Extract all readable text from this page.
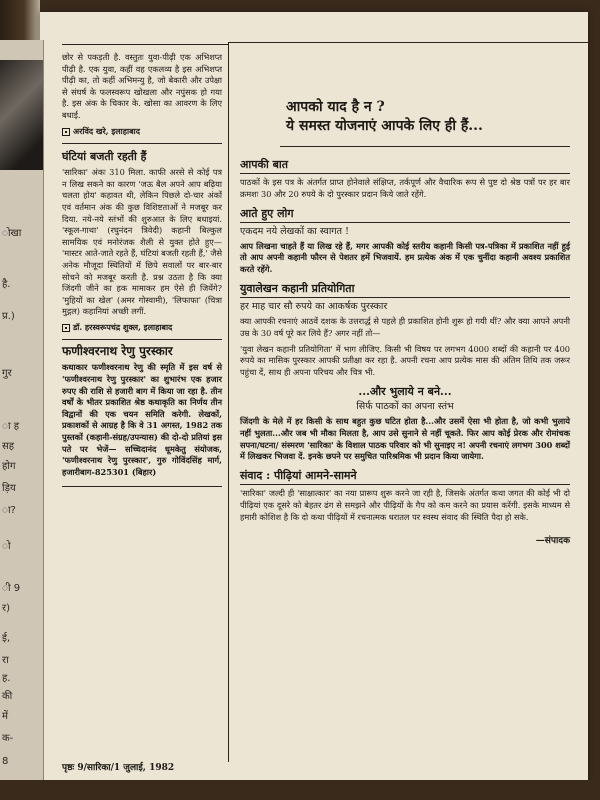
छोर से पकड़ती है. वस्तुतः युवा-पीढ़ी एक अभिशप्त पीढ़ी है. एक युवा, कहीं वह एकलव्य है इस अभिशप्त पीढ़ी का, तो कहीं अभिमन्यु है, जो बेकारी और उपेक्षा से संघर्ष के फलस्वरूप खोखला और नपुंसक हो गया है. इस अंक के चिकार के. खोसा का आवरण के लिए बधाई.

अरविंद खरे, इलाहाबाद
घंटियां बजती रहती हैं

'सारिका' अंकः 310 मिला. काफी अरसे से कोई पत्र न लिख सकने का कारण 'जऊ बैल अपने आप बढ़िया चलता होय' कहावत थी, लेकिन पिछले दो-चार अंकों एवं वर्तमान अंक की कुछ विशिष्टताओं ने मजबूर कर दिया. नये-नये स्तंभों की शुरुआत के लिए बधाइयां. 'स्कूल-गाथा' (रघुनंदन त्रिवेदी) कहानी बिल्कुल सामयिक एवं मनोरंजक शैली से युक्त होते हुए— 'मास्टर आते-जाते रहते हैं, घंटियां बजती रहती हैं,' जैसे अनेक मौजूदा स्थितियों में छिपे सवालों पर बार-बार सोचने को मजबूर करती है. प्रश्न उठता है कि क्या जिंदगी जीने का हक मामाकर हम ऐसे ही जियेंगे? 'मुहियों का खेल' (अमर गोस्वामी), 'लिफाफा' (चित्रा मुद्गल) कहानियां अच्छी लगीं.

डॉ. हरस्वरूपचंद्र शुक्ल, इलाहाबाद
फणीश्वरनाथ रेणु पुरस्कार

कथाकार फणीश्वरनाथ रेणु की स्मृति में इस वर्ष से 'फणीश्वरनाथ रेणु पुरस्कार' का शुभारंभ एक हजार रुपए की राशि से हजारी बाग में किया जा रहा है. तीन वर्षों के भीतर प्रकाशित श्रेष्ठ कथाकृति का निर्णय तीन विद्वानों की एक चयन समिति करेगी. लेखकों, प्रकाशकों से आग्रह है कि वे 31 अगस्त, 1982 तक पुस्तकों (कहानी-संग्रह/उपन्यास) की दो-दो प्रतियां इस पते पर भेजें— सच्चिदानंद धूमकेतु संयोजक, 'फणीश्वरनाथ रेणु पुरस्कार', गुरु गोविंदसिंह मार्ग, हजारीबाग-825301 (बिहार)

पृष्ठः 9/सारिका/1 जुलाई, 1982
आपको याद है न ?
ये समस्त योजनाएं आपके लिए ही हैं...
आपकी बात

पाठकों के इस पत्र के अंतर्गत प्राप्त होनेवाले संक्षिप्त, तर्कपूर्ण और वैचारिक रूप से पुष्ट दो श्रेष्ठ पत्रों पर हर बार क्रमशः 30 और 20 रुपये के दो पुरस्कार प्रदान किये जाते रहेंगे.

आते हुए लोग
एकदम नये लेखकों का स्वागत !

आप लिखना चाहते हैं या लिख रहे हैं, मगर आपकी कोई स्तरीय कहानी किसी पत्र-पत्रिका में प्रकाशित नहीं हुई तो आप अपनी कहानी फौरन से पेशतर हमें भिजवायें. हम प्रत्येक अंक में एक चुनींदा कहानी अवश्य प्रकाशित करते रहेंगे.

युवालेखन कहानी प्रतियोगिता
हर माह चार सौ रुपये का आकर्षक पुरस्कार

क्या आपकी रचनाएं आठवें दशक के उत्तरार्द्ध से पहले ही प्रकाशित होनी शुरू हो गयी थीं? और क्या आपने अपनी उम्र के 30 वर्ष पूरे कर लिये हैं? अगर नहीं तो—

'युवा लेखन कहानी प्रतियोगिता' में भाग लीजिए. किसी भी विषय पर लगभग 4000 शब्दों की कहानी पर 400 रुपये का मासिक पुरस्कार आपकी प्रतीक्षा कर रहा है. अपनी रचना आप प्रत्येक मास की अंतिम तिथि तक जरूर पहुंचा दें, साथ ही अपना परिचय और चित्र भी.

...और भुलाये न बने...
सिर्फ पाठकों का अपना स्तंभ

जिंदगी के मेले में हर किसी के साथ बहुत कुछ घटित होता है...और उसमें ऐसा भी होता है, जो कभी भुलाये नहीं भुलता...और जब भी मौका मिलता है, आप उसे सुनाने से नहीं चूकते. फिर आप कोई प्रेरक और रोमांचक सपना/घटना/ संस्मरण 'सारिका' के विशाल पाठक परिवार को भी सुनाइए न! अपनी रचनाएं लगभग 300 शब्दों में लिखकर भिजवा दें. इनके छपने पर समुचित पारिश्रमिक भी प्रदान किया जायेगा.

संवाद : पीढ़ियां आमने-सामने

'सारिका' जल्दी ही 'साक्षात्कार' का नया प्रारूप शुरू करने जा रही है, जिसके अंतर्गत कथा जगत की कोई भी दो पीढ़ियां एक दूसरे को बेहतर ढंग से समझने और पीढ़ियों के गैप को कम करने का प्रयास करेंगी. इसके माध्यम से हमारी कोशिश है कि दो कथा पीढ़ियों में रचनात्मक धरातल पर स्वस्थ संवाद की स्थिति पैदा हो सके.

—संपादक
ोखा
है.
प्र.)
गुर
ा ह
सह
होग
ड़िय
ा?
ो
ी 9
र)
ई,
रा
ह.
की
में
क-
8
